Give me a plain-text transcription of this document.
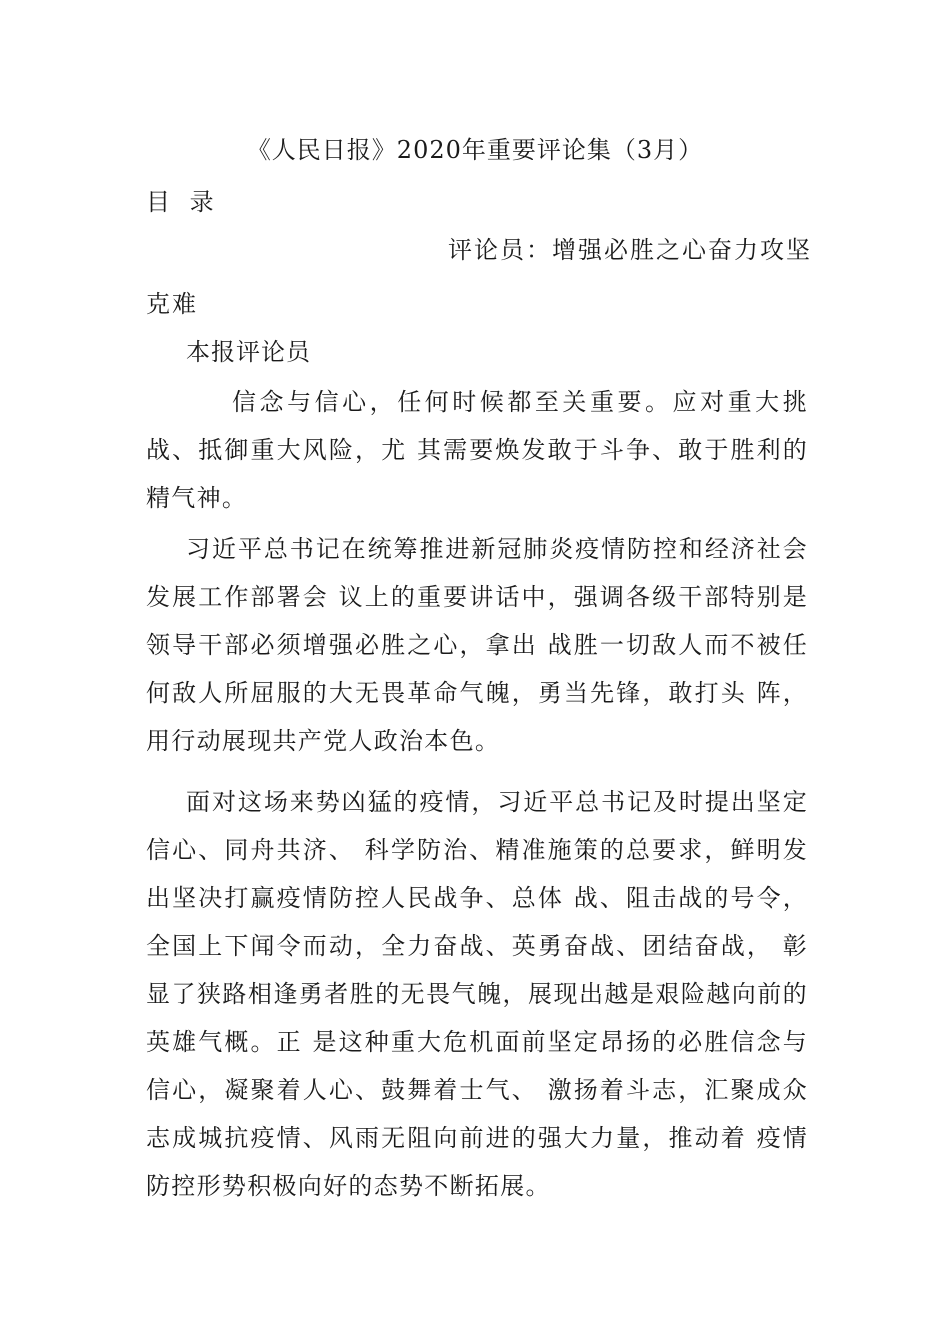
《人民日报》2020年重要评论集（3月）
目 录
评论员：增强必胜之心奋力攻坚
克难
本报评论员

信念与信心，任何时候都至关重要。应对重大挑战、抵御重大风险，尤 其需要焕发敢于斗争、敢于胜利的精气神。

习近平总书记在统筹推进新冠肺炎疫情防控和经济社会发展工作部署会 议上的重要讲话中，强调各级干部特别是领导干部必须增强必胜之心，拿出 战胜一切敌人而不被任何敌人所屈服的大无畏革命气魄，勇当先锋，敢打头 阵，用行动展现共产党人政治本色。

面对这场来势凶猛的疫情，习近平总书记及时提出坚定信心、同舟共济、 科学防治、精准施策的总要求，鲜明发出坚决打赢疫情防控人民战争、总体 战、阻击战的号令，全国上下闻令而动，全力奋战、英勇奋战、团结奋战， 彰显了狭路相逢勇者胜的无畏气魄，展现出越是艰险越向前的英雄气概。正 是这种重大危机面前坚定昂扬的必胜信念与信心，凝聚着人心、鼓舞着士气、 激扬着斗志，汇聚成众志成城抗疫情、风雨无阻向前进的强大力量，推动着 疫情防控形势积极向好的态势不断拓展。
